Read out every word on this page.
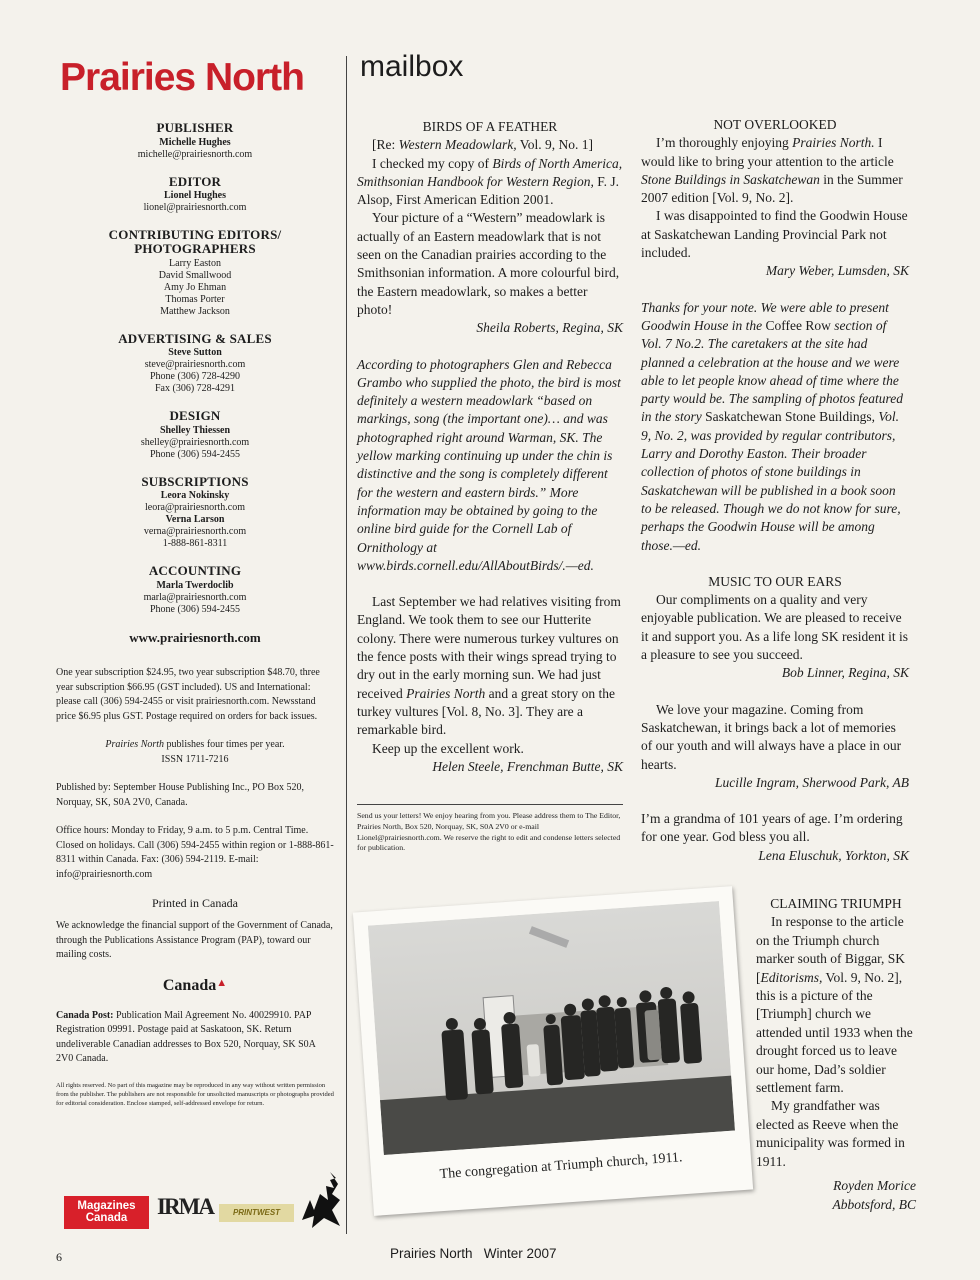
Prairies North
PUBLISHER
Michelle Hughes
michelle@prairiesnorth.com
EDITOR
Lionel Hughes
lionel@prairiesnorth.com
CONTRIBUTING EDITORS/
PHOTOGRAPHERS
Larry Easton
David Smallwood
Amy Jo Ehman
Thomas Porter
Matthew Jackson
ADVERTISING & SALES
Steve Sutton
steve@prairiesnorth.com
Phone (306) 728-4290
Fax (306) 728-4291
DESIGN
Shelley Thiessen
shelley@prairiesnorth.com
Phone (306) 594-2455
SUBSCRIPTIONS
Leora Nokinsky
leora@prairiesnorth.com
Verna Larson
verna@prairiesnorth.com
1-888-861-8311
ACCOUNTING
Marla Twerdoclib
marla@prairiesnorth.com
Phone (306) 594-2455
www.prairiesnorth.com

One year subscription $24.95, two year subscription $48.70, three year subscription $66.95 (GST included). US and International: please call (306) 594-2455 or visit prairiesnorth.com. Newsstand price $6.95 plus GST. Postage required on orders for back issues.

Prairies North publishes four times per year.
ISSN 1711-7216

Published by: September House Publishing Inc., PO Box 520, Norquay, SK, S0A 2V0, Canada.

Office hours: Monday to Friday, 9 a.m. to 5 p.m. Central Time. Closed on holidays. Call (306) 594-2455 within region or 1-888-861-8311 within Canada. Fax: (306) 594-2119. E-mail: info@prairiesnorth.com

Printed in Canada

We acknowledge the financial support of the Government of Canada, through the Publications Assistance Program (PAP), toward our mailing costs.

Canada▲

Canada Post: Publication Mail Agreement No. 40029910. PAP Registration 09991. Postage paid at Saskatoon, SK. Return undeliverable Canadian addresses to Box 520, Norquay, SK S0A 2V0 Canada.

All rights reserved. No part of this magazine may be reproduced in any way without written permission from the publisher. The publishers are not responsible for unsolicited manuscripts or photographs provided for editorial consideration. Enclose stamped, self-addressed envelope for return.

Magazines
Canada	IRMA	PRINTWEST
mailbox

BIRDS OF A FEATHER

[Re: Western Meadowlark, Vol. 9, No. 1]

I checked my copy of Birds of North America, Smithsonian Handbook for Western Region, F. J. Alsop, First American Edition 2001.

Your picture of a “Western” meadowlark is actually of an Eastern meadowlark that is not seen on the Canadian prairies according to the Smithsonian information. A more colourful bird, the Eastern meadowlark, so makes a better photo!

Sheila Roberts, Regina, SK

According to photographers Glen and Rebecca Grambo who supplied the photo, the bird is most definitely a western meadowlark “based on markings, song (the important one)… and was photographed right around Warman, SK. The yellow marking continuing up under the chin is distinctive and the song is completely different for the western and eastern birds.” More information may be obtained by going to the online bird guide for the Cornell Lab of Ornithology at www.birds.cornell.edu/AllAboutBirds/.—ed.

Last September we had relatives visiting from England. We took them to see our Hutterite colony. There were numerous turkey vultures on the fence posts with their wings spread trying to dry out in the early morning sun. We had just received Prairies North and a great story on the turkey vultures [Vol. 8, No. 3]. They are a remarkable bird.

Keep up the excellent work.

Helen Steele, Frenchman Butte, SK

Send us your letters! We enjoy hearing from you. Please address them to The Editor, Prairies North, Box 520, Norquay, SK, S0A 2V0 or e-mail Lionel@prairiesnorth.com. We reserve the right to edit and condense letters selected for publication.

NOT OVERLOOKED

I’m thoroughly enjoying Prairies North. I would like to bring your attention to the article Stone Buildings in Saskatchewan in the Summer 2007 edition [Vol. 9, No. 2].

I was disappointed to find the Goodwin House at Saskatchewan Landing Provincial Park not included.

Mary Weber, Lumsden, SK

Thanks for your note. We were able to present Goodwin House in the Coffee Row section of Vol. 7 No.2. The caretakers at the site had planned a celebration at the house and we were able to let people know ahead of time where the party would be. The sampling of photos featured in the story Saskatchewan Stone Buildings, Vol. 9, No. 2, was provided by regular contributors, Larry and Dorothy Easton. Their broader collection of photos of stone buildings in Saskatchewan will be published in a book soon to be released. Though we do not know for sure, perhaps the Goodwin House will be among those.—ed.

MUSIC TO OUR EARS

Our compliments on a quality and very enjoyable publication. We are pleased to receive it and support you. As a life long SK resident it is a pleasure to see you succeed.

Bob Linner, Regina, SK

We love your magazine. Coming from Saskatchewan, it brings back a lot of memories of our youth and will always have a place in our hearts.

Lucille Ingram, Sherwood Park, AB

I’m a grandma of 101 years of age. I’m ordering for one year. God bless you all.

Lena Eluschuk, Yorkton, SK

The congregation at Triumph church, 1911.

CLAIMING TRIUMPH

In response to the article on the Triumph church marker south of Biggar, SK [Editorisms, Vol. 9, No. 2], this is a picture of the [Triumph] church we attended until 1933 when the drought forced us to leave our home, Dad’s soldier settlement farm.

My grandfather was elected as Reeve when the municipality was formed in 1911.

Royden Morice

Abbotsford, BC

6	Prairies North   Winter 2007
